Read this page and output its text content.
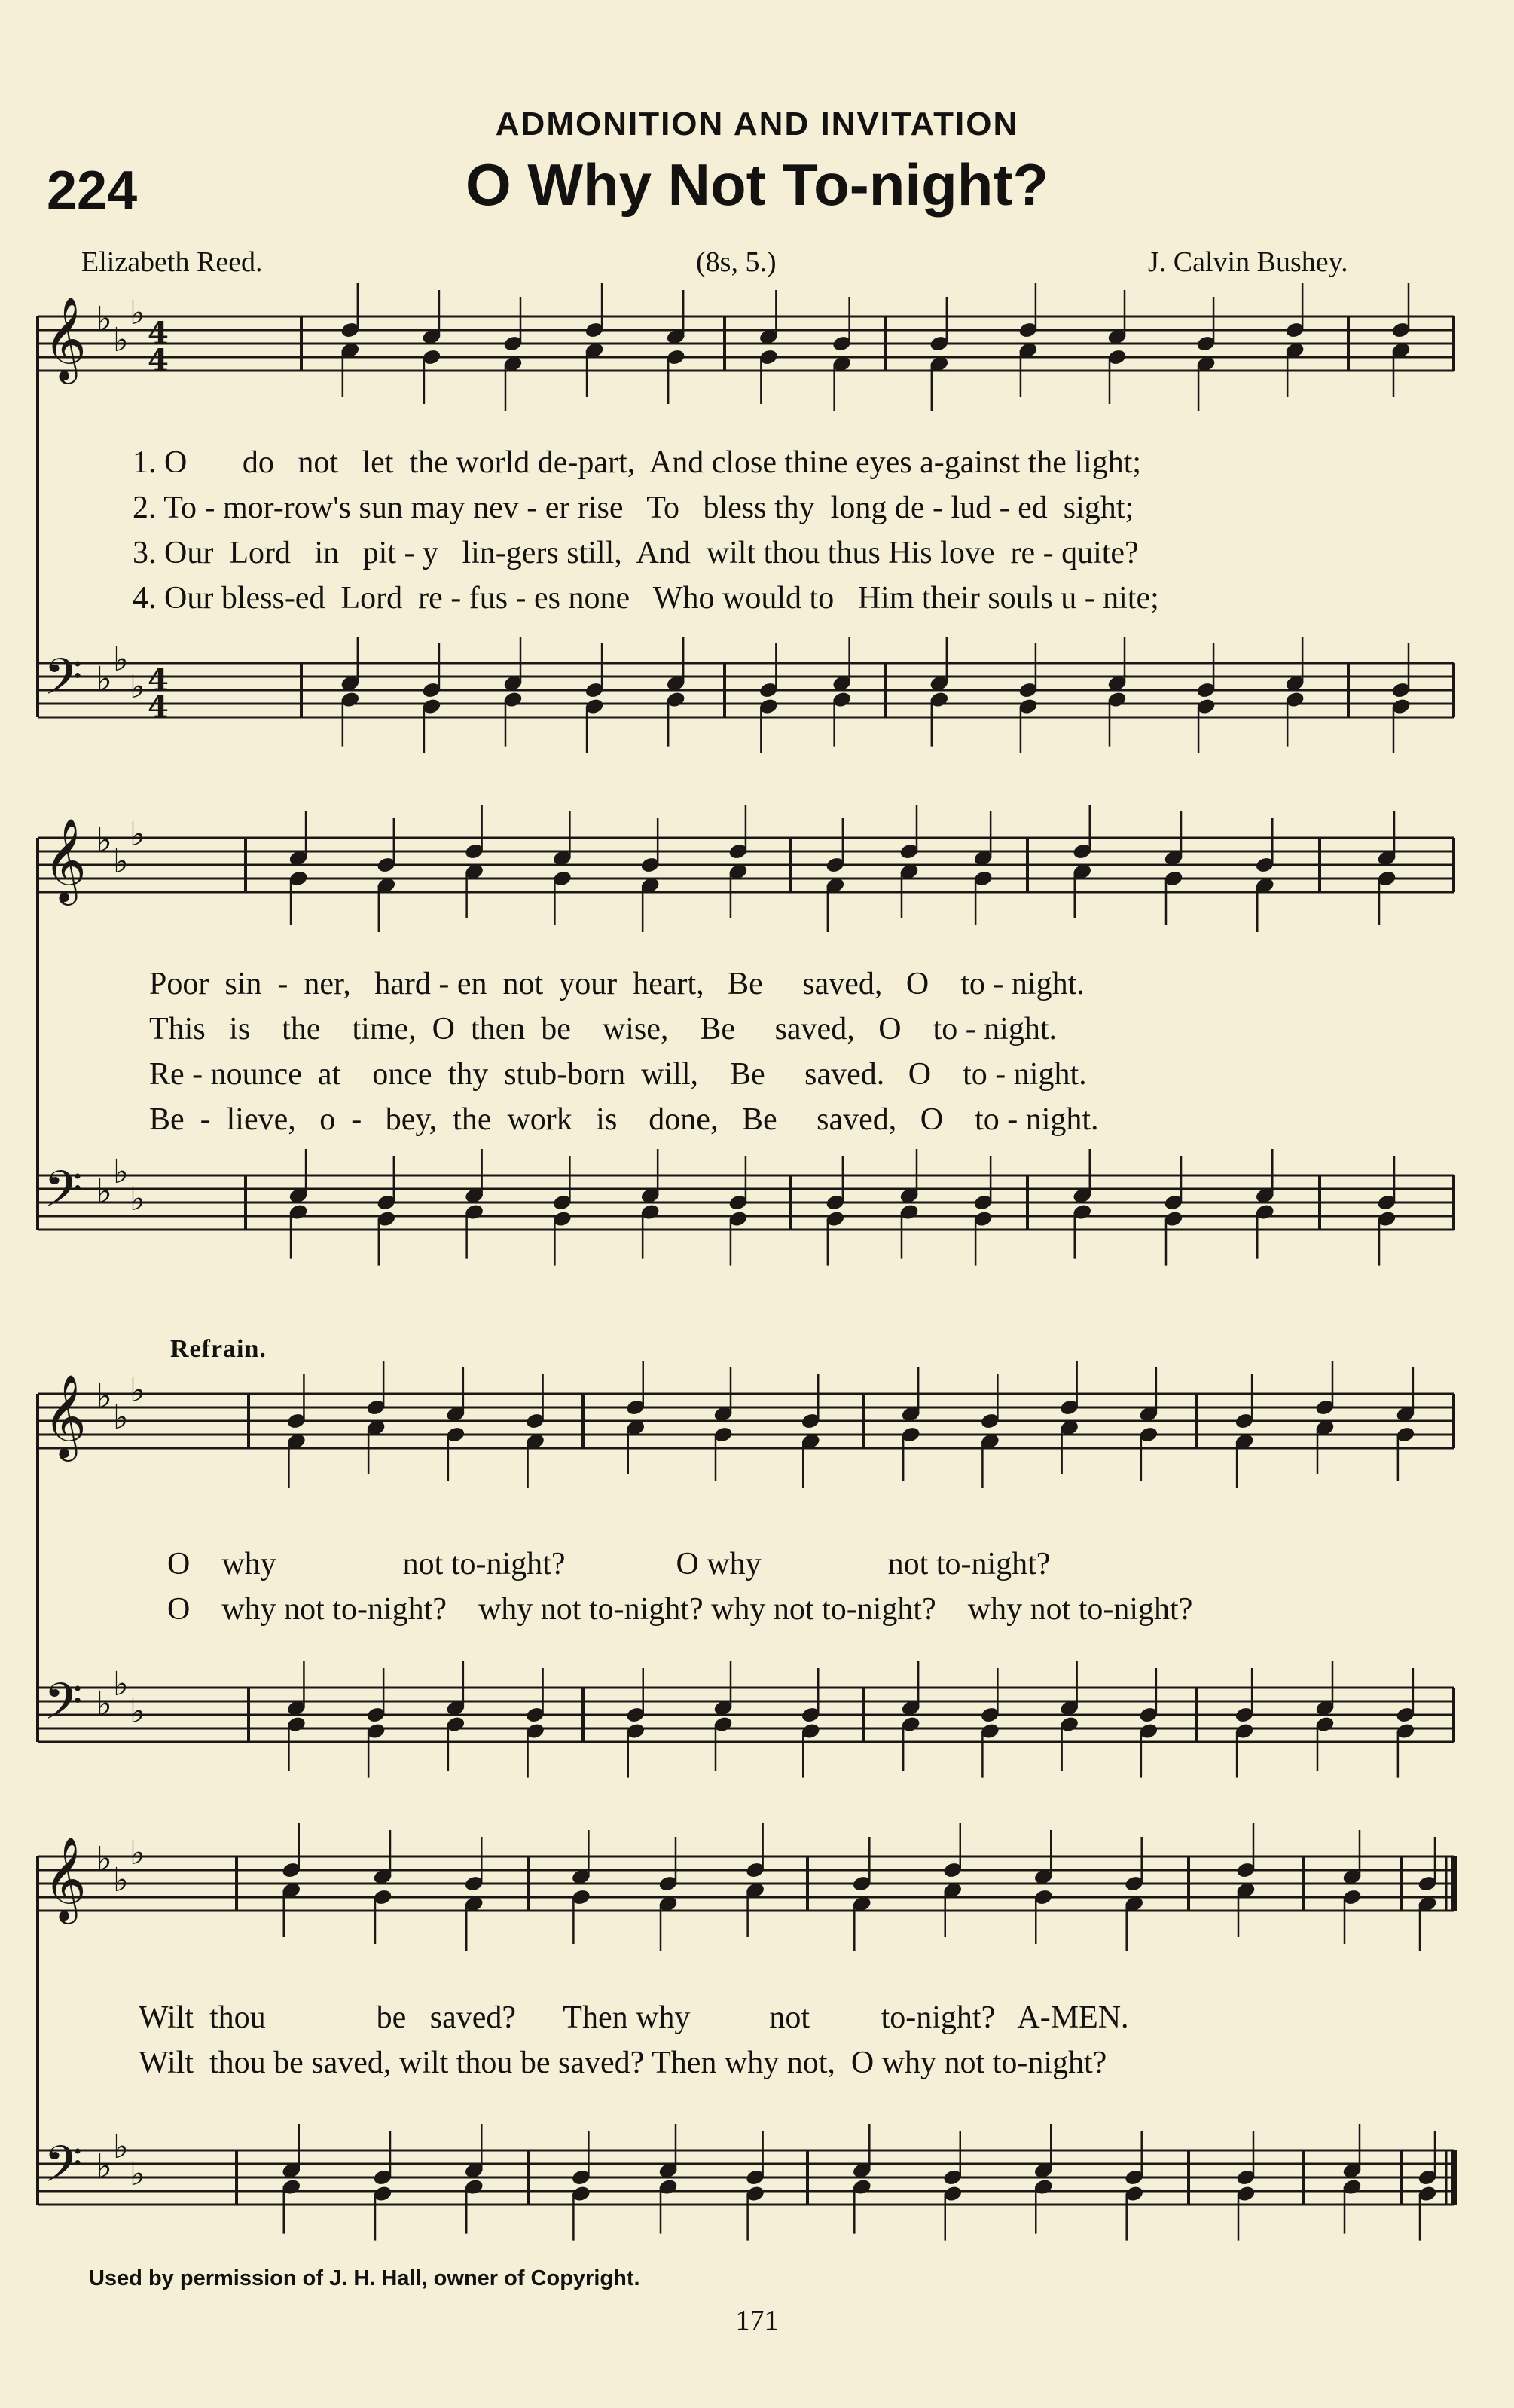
ADMONITION AND INVITATION
224	O Why Not To-night?
Elizabeth Reed.	(8s, 5.)	J. Calvin Bushey.
𝄞
𝄢
♭
♭
♭
♭
♭
♭
4
4
4
4
𝄞
𝄢
♭
♭
♭
♭
♭
♭
𝄞
𝄢
♭
♭
♭
♭
♭
♭
𝄞
𝄢
♭
♭
♭
♭
♭
♭
1. O       do   not   let  the world de-part,  And close thine eyes a-gainst the light;
2. To - mor-row's sun may nev - er rise   To   bless thy  long de - lud - ed  sight;
3. Our  Lord   in   pit - y   lin-gers still,  And  wilt thou thus His love  re - quite?
4. Our bless-ed  Lord  re - fus - es none   Who would to   Him their souls u - nite;
Poor  sin  -  ner,   hard - en  not  your  heart,   Be     saved,   O    to - night.
This   is    the    time,  O  then  be    wise,    Be     saved,   O    to - night.
Re - nounce  at    once  thy  stub-born  will,    Be     saved.   O    to - night.
Be  -  lieve,   o  -   bey,  the  work   is    done,   Be     saved,   O    to - night.
Refrain.
O    why                not to-night?              O why                not to-night?
O    why not to-night?    why not to-night? why not to-night?    why not to-night?
Wilt  thou              be   saved?      Then why          not         to-night?   A-MEN.
Wilt  thou be saved, wilt thou be saved? Then why not,  O why not to-night?
Used by permission of J. H. Hall, owner of Copyright.
171
